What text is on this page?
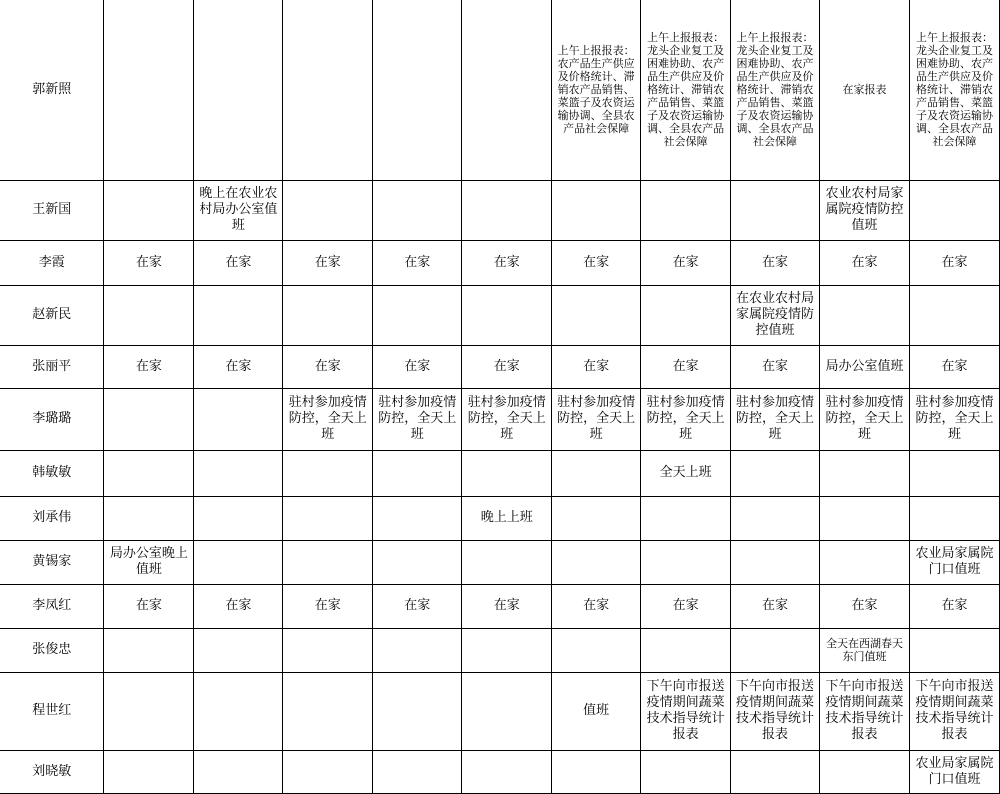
郭新照						上午上报报表：农产品生产供应及价格统计、滞销农产品销售、菜篮子及农资运输协调、全县农产品社会保障	上午上报报表：龙头企业复工及困难协助、农产品生产供应及价格统计、滞销农产品销售、菜篮子及农资运输协调、全县农产品社会保障	上午上报报表：龙头企业复工及困难协助、农产品生产供应及价格统计、滞销农产品销售、菜篮子及农资运输协调、全县农产品社会保障	在家报表	上午上报报表：龙头企业复工及困难协助、农产品生产供应及价格统计、滞销农产品销售、菜篮子及农资运输协调、全县农产品社会保障
王新国		晚上在农业农村局办公室值班							农业农村局家属院疫情防控值班	
李霞	在家	在家	在家	在家	在家	在家	在家	在家	在家	在家
赵新民								在农业农村局家属院疫情防控值班		
张丽平	在家	在家	在家	在家	在家	在家	在家	在家	局办公室值班	在家
李璐璐			驻村参加疫情防控，全天上班	驻村参加疫情防控，全天上班	驻村参加疫情防控，全天上班	驻村参加疫情防控，全天上班	驻村参加疫情防控，全天上班	驻村参加疫情防控，全天上班	驻村参加疫情防控，全天上班	驻村参加疫情防控，全天上班
韩敏敏							全天上班			
刘承伟					晚上上班					
黄锡家	局办公室晚上值班									农业局家属院门口值班
李凤红	在家	在家	在家	在家	在家	在家	在家	在家	在家	在家
张俊忠									全天在西湖春天东门值班	
程世红						值班	下午向市报送疫情期间蔬菜技术指导统计报表	下午向市报送疫情期间蔬菜技术指导统计报表	下午向市报送疫情期间蔬菜技术指导统计报表	下午向市报送疫情期间蔬菜技术指导统计报表
刘晓敏										农业局家属院门口值班
